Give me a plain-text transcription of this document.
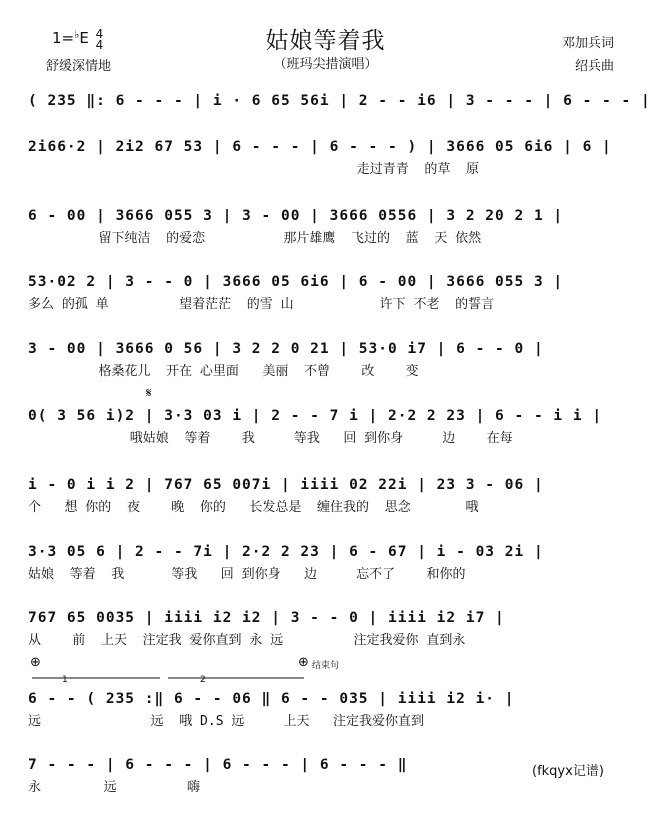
1=♭E 4
4	姑娘等着我
（班玛尖措演唱）
舒缓深情地
邓加兵词
绍兵曲
( 235 ‖: 6 - - - | i · 6 65 56i | 2 - - i6 | 3 - - - | 6 - - - |
2i66·2 | 2i2 67 53 | 6 - - - | 6 - - - ) | 3666 05 6i6 | 6 |
走过青青  的草  原
6 - 00 | 3666 055 3 | 3 - 00 | 3666 0556 | 3 2 20 2 1 |
留下纯洁  的爱恋          那片雄鹰  飞过的  蓝  天 依然
53·02 2 | 3 - - 0 | 3666 05 6i6 | 6 - 00 | 3666 055 3 |
多么 的孤 单         望着茫茫  的雪 山           许下 不老  的誓言
3 - 00 | 3666 0 56 | 3 2 2 0 21 | 53·0 i7 | 6 - - 0 |
格桑花儿  开在 心里面   美丽  不曾    改    变
𝄋
0( 3 56 i)2 | 3·3 03 i | 2 - - 7 i | 2·2 2 23 | 6 - - i i |
哦姑娘  等着    我     等我   回 到你身     边    在每
i - 0 i i 2 | 767 65 007i | iiii 02 22i | 23 3 - 06 |
个   想 你的  夜    晚  你的   长发总是  缠住我的  思念       哦
3·3 05 6 | 2 - - 7i | 2·2 2 23 | 6 - 67 | i - 03 2i |
姑娘  等着  我      等我   回 到你身   边     忘不了    和你的
767 65 0035 | iiii i2 i2 | 3 - - 0 | iiii i2 i7 |
从    前  上天  注定我 爱你直到 永 远         注定我爱你 直到永
⊕	⊕ 结束句
1	2
6 - - ( 235 :‖ 6 - - 06 ‖ 6 - - 035 | iiii i2 i· |
远              远  哦 D.S 远     上天   注定我爱你直到
7 - - - | 6 - - - | 6 - - - | 6 - - - ‖
永        远         嗨
(fkqyx记谱)
